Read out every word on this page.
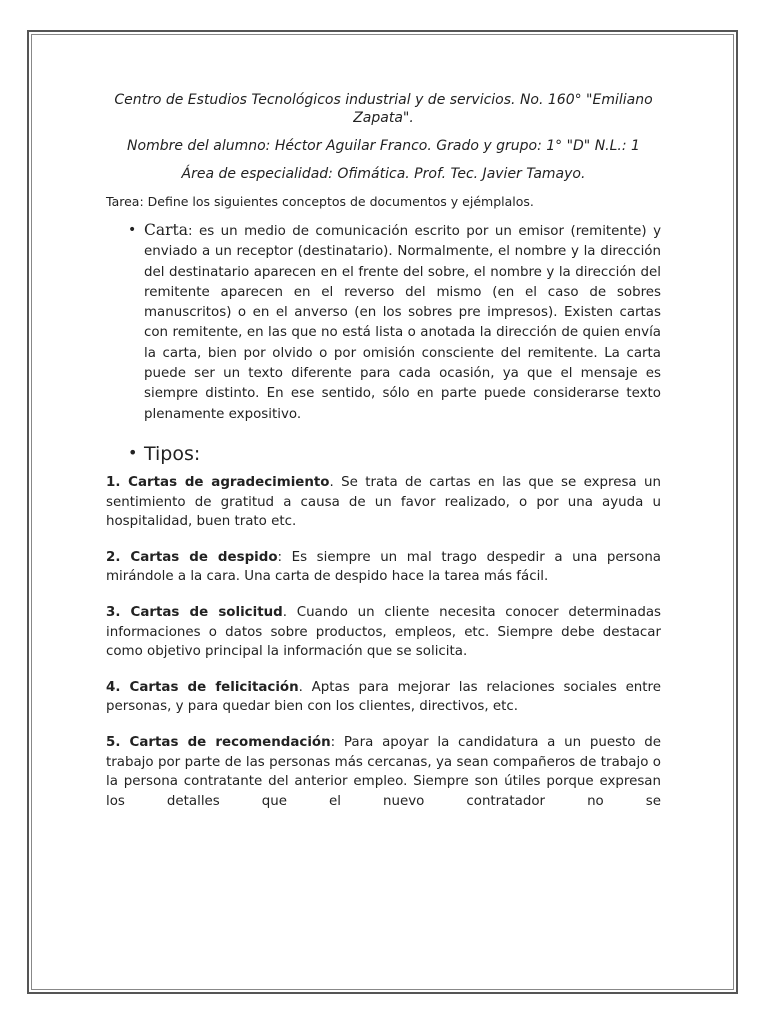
Centro de Estudios Tecnológicos industrial y de servicios. No. 160° "Emiliano Zapata".

Nombre del alumno: Héctor Aguilar Franco. Grado y grupo: 1° "D" N.L.: 1

Área de especialidad: Ofimática. Prof. Tec. Javier Tamayo.

Tarea: Define los siguientes conceptos de documentos y ejémplalos.

• Carta: es un medio de comunicación escrito por un emisor (remitente) y enviado a un receptor (destinatario). Normalmente, el nombre y la dirección del destinatario aparecen en el frente del sobre, el nombre y la dirección del remitente aparecen en el reverso del mismo (en el caso de sobres manuscritos) o en el anverso (en los sobres pre impresos). Existen cartas con remitente, en las que no está lista o anotada la dirección de quien envía la carta, bien por olvido o por omisión consciente del remitente. La carta puede ser un texto diferente para cada ocasión, ya que el mensaje es siempre distinto. En ese sentido, sólo en parte puede considerarse texto plenamente expositivo.

• Tipos:

1. Cartas de agradecimiento. Se trata de cartas en las que se expresa un sentimiento de gratitud a causa de un favor realizado, o por una ayuda u hospitalidad, buen trato etc.

2. Cartas de despido: Es siempre un mal trago despedir a una persona mirándole a la cara. Una carta de despido hace la tarea más fácil.

3. Cartas de solicitud. Cuando un cliente necesita conocer determinadas informaciones o datos sobre productos, empleos, etc. Siempre debe destacar como objetivo principal la información que se solicita.

4. Cartas de felicitación. Aptas para mejorar las relaciones sociales entre personas, y para quedar bien con los clientes, directivos, etc.

5. Cartas de recomendación: Para apoyar la candidatura a un puesto de trabajo por parte de las personas más cercanas, ya sean compañeros de trabajo o la persona contratante del anterior empleo. Siempre son útiles porque expresan los detalles que el nuevo contratador no se
